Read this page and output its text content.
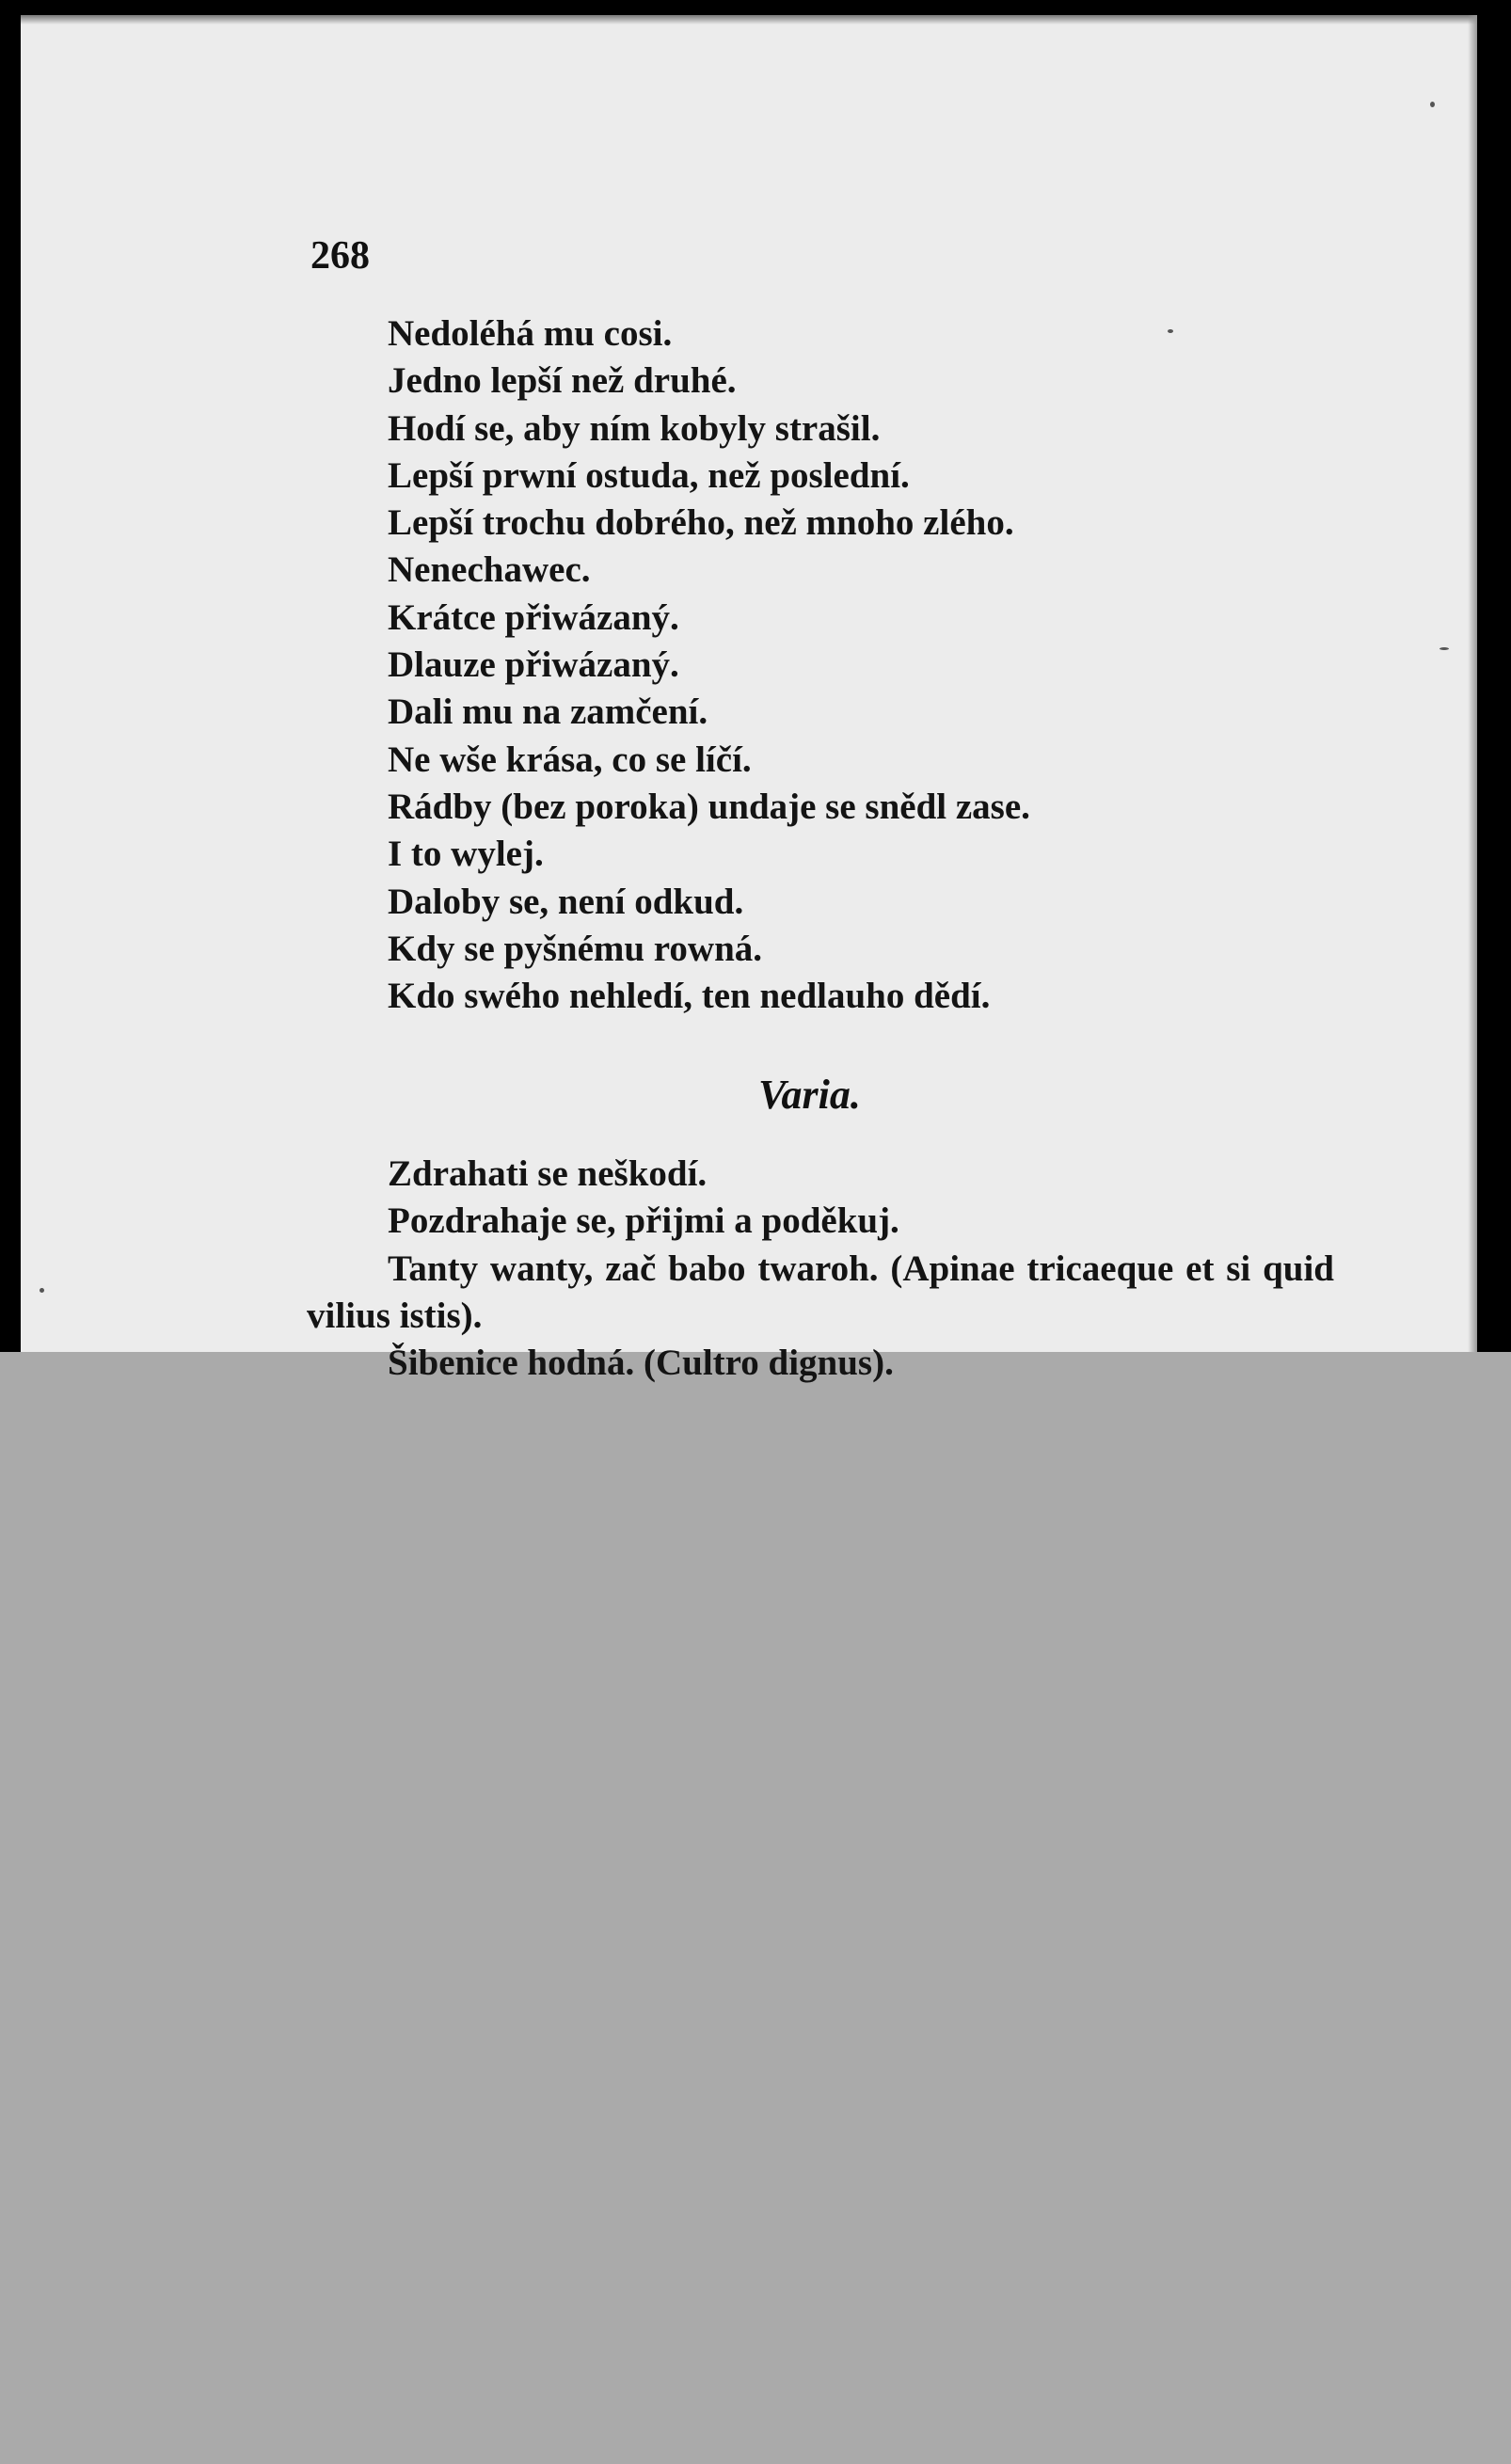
268
Nedoléhá mu cosi.
Jedno lepší než druhé.
Hodí se, aby ním kobyly strašil.
Lepší prwní ostuda, než poslední.
Lepší trochu dobrého, než mnoho zlého.
Nenechawec.
Krátce přiwázaný.
Dlauze přiwázaný.
Dali mu na zamčení.
Ne wše krása, co se líčí.
Rádby (bez poroka) undaje se snědl zase.
I to wylej.
Daloby se, není odkud.
Kdy se pyšnému rowná.
Kdo swého nehledí, ten nedlauho dědí.
Varia.
Zdrahati se neškodí.
Pozdrahaje se, přijmi a poděkuj.

Tanty wanty, zač babo twaroh. (Apinae tricaeque et si quid vilius istis).

Šibenice hodná. (Cultro dignus).
